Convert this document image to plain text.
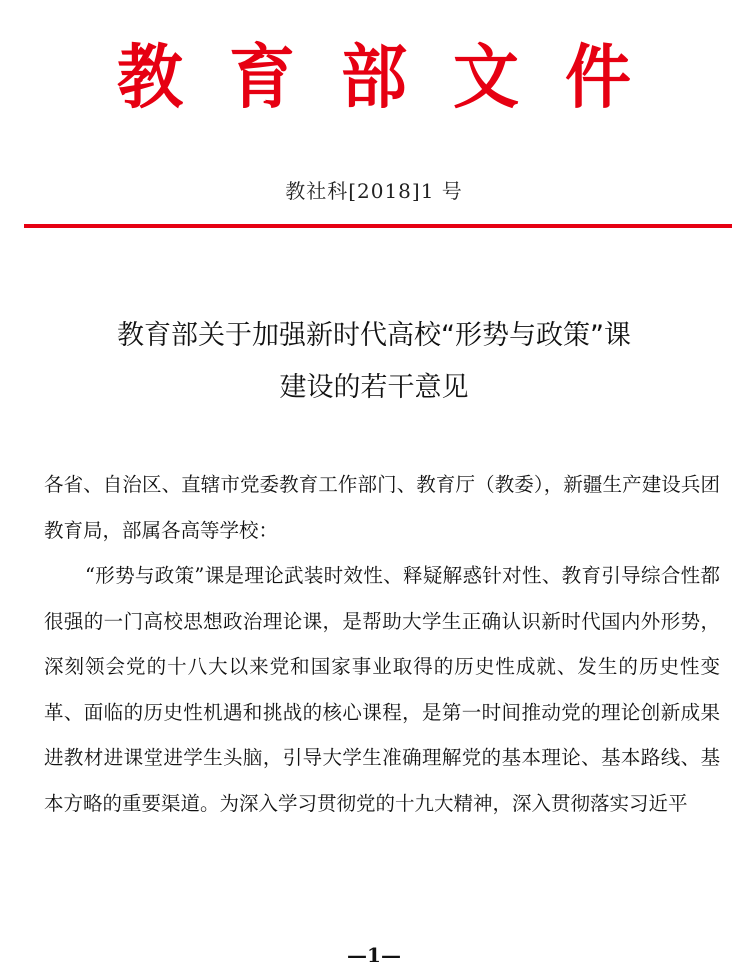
教育部文件
教社科[2018]1 号
教育部关于加强新时代高校“形势与政策”课
建设的若干意见

各省、自治区、直辖市党委教育工作部门、教育厅（教委），新疆生产建设兵团教育局，部属各高等学校：

“形势与政策”课是理论武装时效性、释疑解惑针对性、教育引导综合性都很强的一门高校思想政治理论课，是帮助大学生正确认识新时代国内外形势，深刻领会党的十八大以来党和国家事业取得的历史性成就、发生的历史性变革、面临的历史性机遇和挑战的核心课程，是第一时间推动党的理论创新成果进教材进课堂进学生头脑，引导大学生准确理解党的基本理论、基本路线、基本方略的重要渠道。为深入学习贯彻党的十九大精神，深入贯彻落实习近平

—1—
